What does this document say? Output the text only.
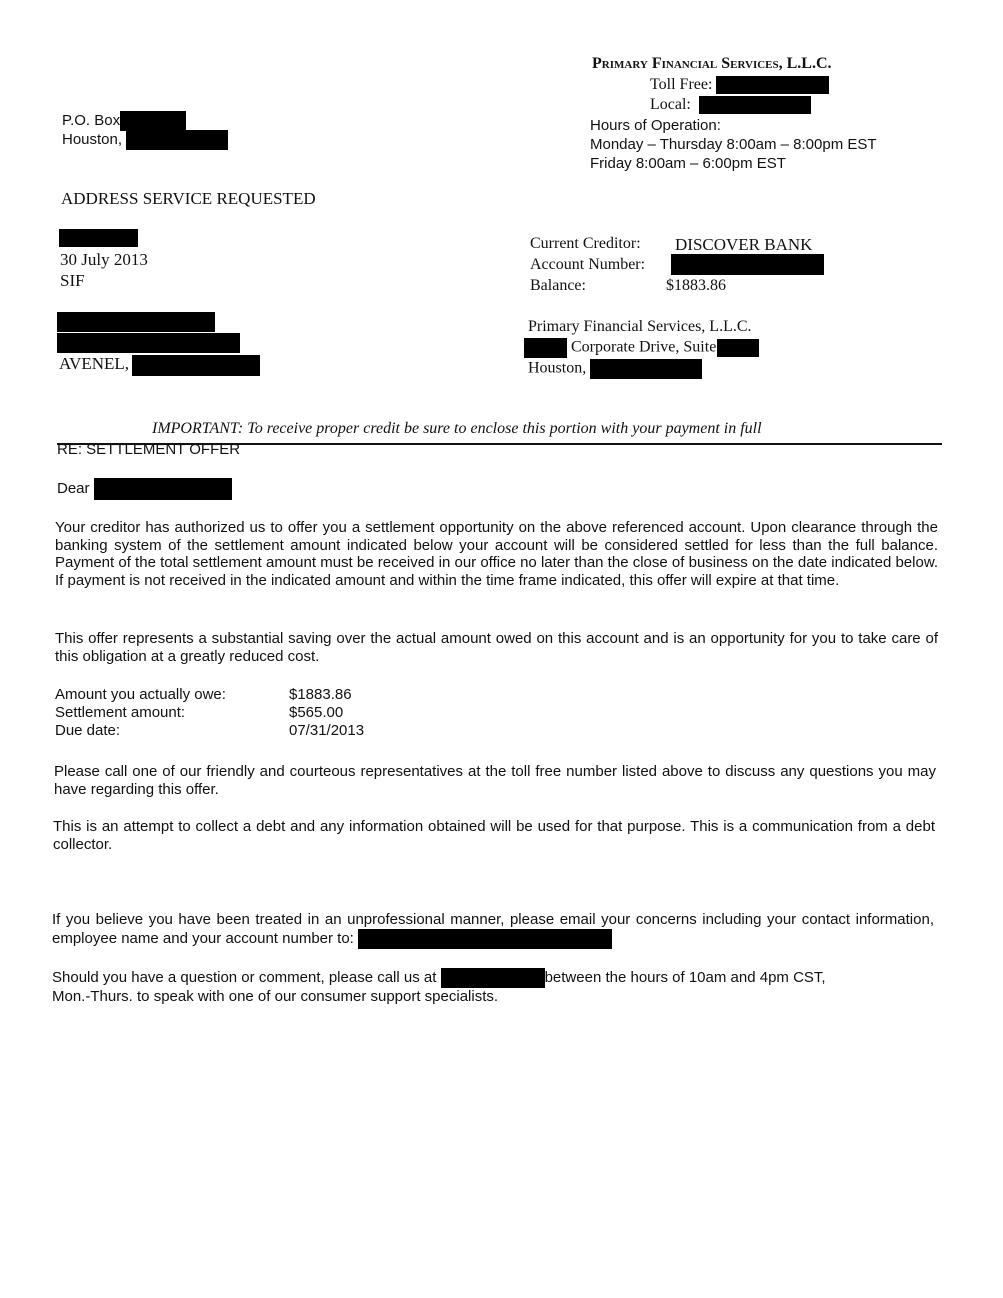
Primary Financial Services, L.L.C.
Toll Free:
Local:
Hours of Operation:
Monday – Thursday 8:00am – 8:00pm EST
Friday 8:00am – 6:00pm EST
P.O. Box
Houston,
ADDRESS SERVICE REQUESTED
30 July 2013
SIF
AVENEL,
Current Creditor: DISCOVER BANK
Account Number:
Balance:	$1883.86
Primary Financial Services, L.L.C.
Corporate Drive, Suite
Houston,
IMPORTANT: To receive proper credit be sure to enclose this portion with your payment in full
RE: SETTLEMENT OFFER
Dear
Your creditor has authorized us to offer you a settlement opportunity on the above referenced account. Upon clearance through the banking system of the settlement amount indicated below your account will be considered settled for less than the full balance. Payment of the total settlement amount must be received in our office no later than the close of business on the date indicated below. If payment is not received in the indicated amount and within the time frame indicated, this offer will expire at that time.
This offer represents a substantial saving over the actual amount owed on this account and is an opportunity for you to take care of this obligation at a greatly reduced cost.
Amount you actually owe:	$1883.86
Settlement amount:	$565.00
Due date:	07/31/2013
Please call one of our friendly and courteous representatives at the toll free number listed above to discuss any questions you may have regarding this offer.
This is an attempt to collect a debt and any information obtained will be used for that purpose. This is a communication from a debt collector.
If you believe you have been treated in an unprofessional manner, please email your concerns including your contact information, employee name and your account number to:
Should you have a question or comment, please call us at	between the hours of 10am and 4pm CST,
Mon.-Thurs. to speak with one of our consumer support specialists.
